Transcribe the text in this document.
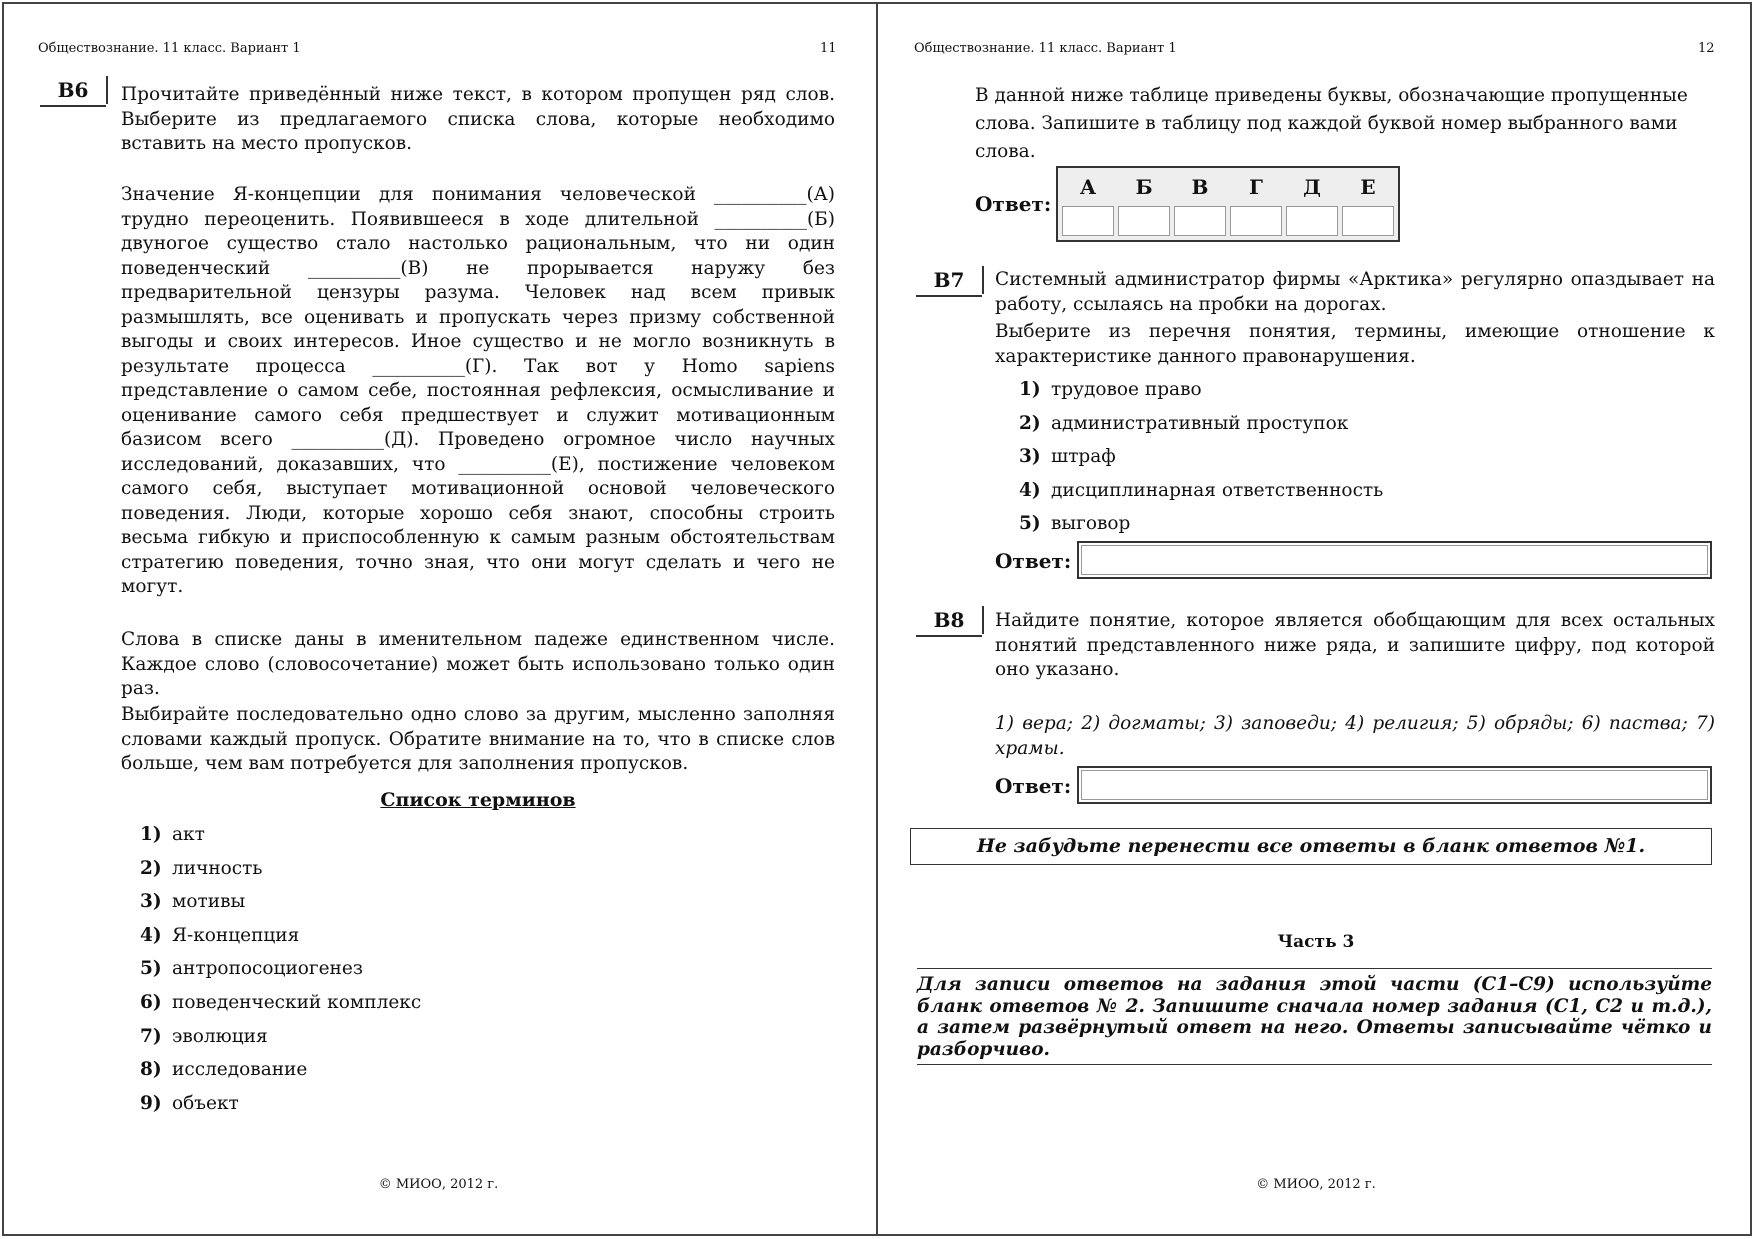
Обществознание. 11 класс. Вариант 1	11
B6	Прочитайте приведённый ниже текст, в котором пропущен ряд слов. Выберите из предлагаемого списка слова, которые необходимо вставить на место пропусков.
Значение Я-концепции для понимания человеческой __________(А) трудно переоценить. Появившееся в ходе длительной __________(Б) двуногое существо стало настолько рациональным, что ни один поведенческий __________(В) не прорывается наружу без предварительной цензуры разума. Человек над всем привык размышлять, все оценивать и пропускать через призму собственной выгоды и своих интересов. Иное существо и не могло возникнуть в результате процесса __________(Г). Так вот у Homo sapiens представление о самом себе, постоянная рефлексия, осмысливание и оценивание самого себя предшествует и служит мотивационным базисом всего __________(Д). Проведено огромное число научных исследований, доказавших, что __________(Е), постижение человеком самого себя, выступает мотивационной основой человеческого поведения. Люди, которые хорошо себя знают, способны строить весьма гибкую и приспособленную к самым разным обстоятельствам стратегию поведения, точно зная, что они могут сделать и чего не могут.
Слова в списке даны в именительном падеже единственном числе. Каждое слово (словосочетание) может быть использовано только один раз.
Выбирайте последовательно одно слово за другим, мысленно заполняя словами каждый пропуск. Обратите внимание на то, что в списке слов больше, чем вам потребуется для заполнения пропусков.
Список терминов
1) акт
2) личность
3) мотивы
4) Я-концепция
5) антропосоциогенез
6) поведенческий комплекс
7) эволюция
8) исследование
9) объект
© МИОО, 2012 г.
Обществознание. 11 класс. Вариант 1	12
В данной ниже таблице приведены буквы, обозначающие пропущенные слова. Запишите в таблицу под каждой буквой номер выбранного вами слова.
Ответ:
А	Б	В	Г	Д	Е

B7	Системный администратор фирмы «Арктика» регулярно опаздывает на работу, ссылаясь на пробки на дорогах.
Выберите из перечня понятия, термины, имеющие отношение к характеристике данного правонарушения.
1) трудовое право
2) административный проступок
3) штраф
4) дисциплинарная ответственность
5) выговор
Ответ:
B8	Найдите понятие, которое является обобщающим для всех остальных понятий представленного ниже ряда, и запишите цифру, под которой оно указано.
1) вера; 2) догматы; 3) заповеди; 4) религия; 5) обряды; 6) паства; 7) храмы.
Ответ:
Не забудьте перенести все ответы в бланк ответов №1.
Часть 3
Для записи ответов на задания этой части (С1–С9) используйте бланк ответов № 2. Запишите сначала номер задания (С1, С2 и т.д.), а затем развёрнутый ответ на него. Ответы записывайте чётко и разборчиво.
© МИОО, 2012 г.
